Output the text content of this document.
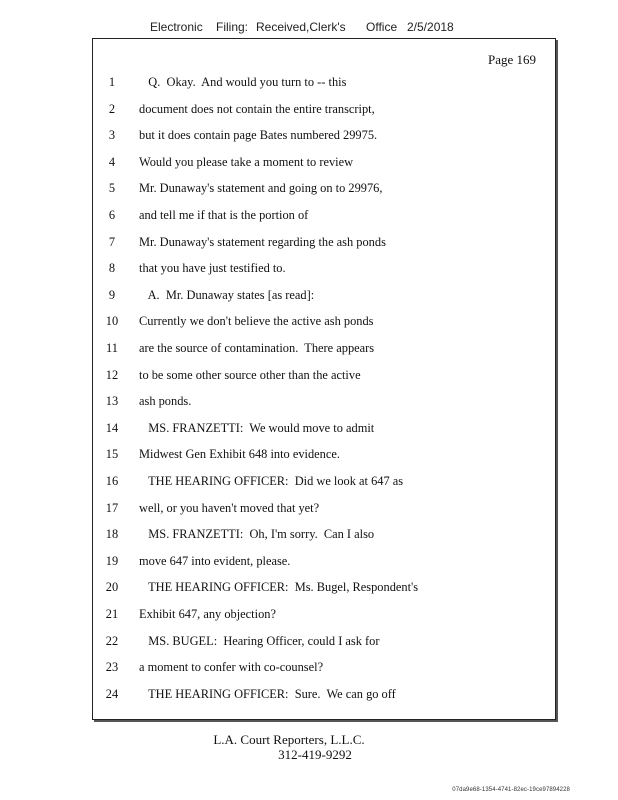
Electronic Filing: Received,Clerk's Office 2/5/2018
Page 169
1	Q.  Okay.  And would you turn to -- this
2	document does not contain the entire transcript,
3	but it does contain page Bates numbered 29975.
4	Would you please take a moment to review
5	Mr. Dunaway's statement and going on to 29976,
6	and tell me if that is the portion of
7	Mr. Dunaway's statement regarding the ash ponds
8	that you have just testified to.
9	A.  Mr. Dunaway states [as read]:
10	Currently we don't believe the active ash ponds
11	are the source of contamination.  There appears
12	to be some other source other than the active
13	ash ponds.
14	MS. FRANZETTI:  We would move to admit
15	Midwest Gen Exhibit 648 into evidence.
16	THE HEARING OFFICER:  Did we look at 647 as
17	well, or you haven't moved that yet?
18	MS. FRANZETTI:  Oh, I'm sorry.  Can I also
19	move 647 into evident, please.
20	THE HEARING OFFICER:  Ms. Bugel, Respondent's
21	Exhibit 647, any objection?
22	MS. BUGEL:  Hearing Officer, could I ask for
23	a moment to confer with co-counsel?
24	THE HEARING OFFICER:  Sure.  We can go off
L.A. Court Reporters, L.L.C.
312-419-9292
07da9e68-1354-4741-82ec-19ce97894228
